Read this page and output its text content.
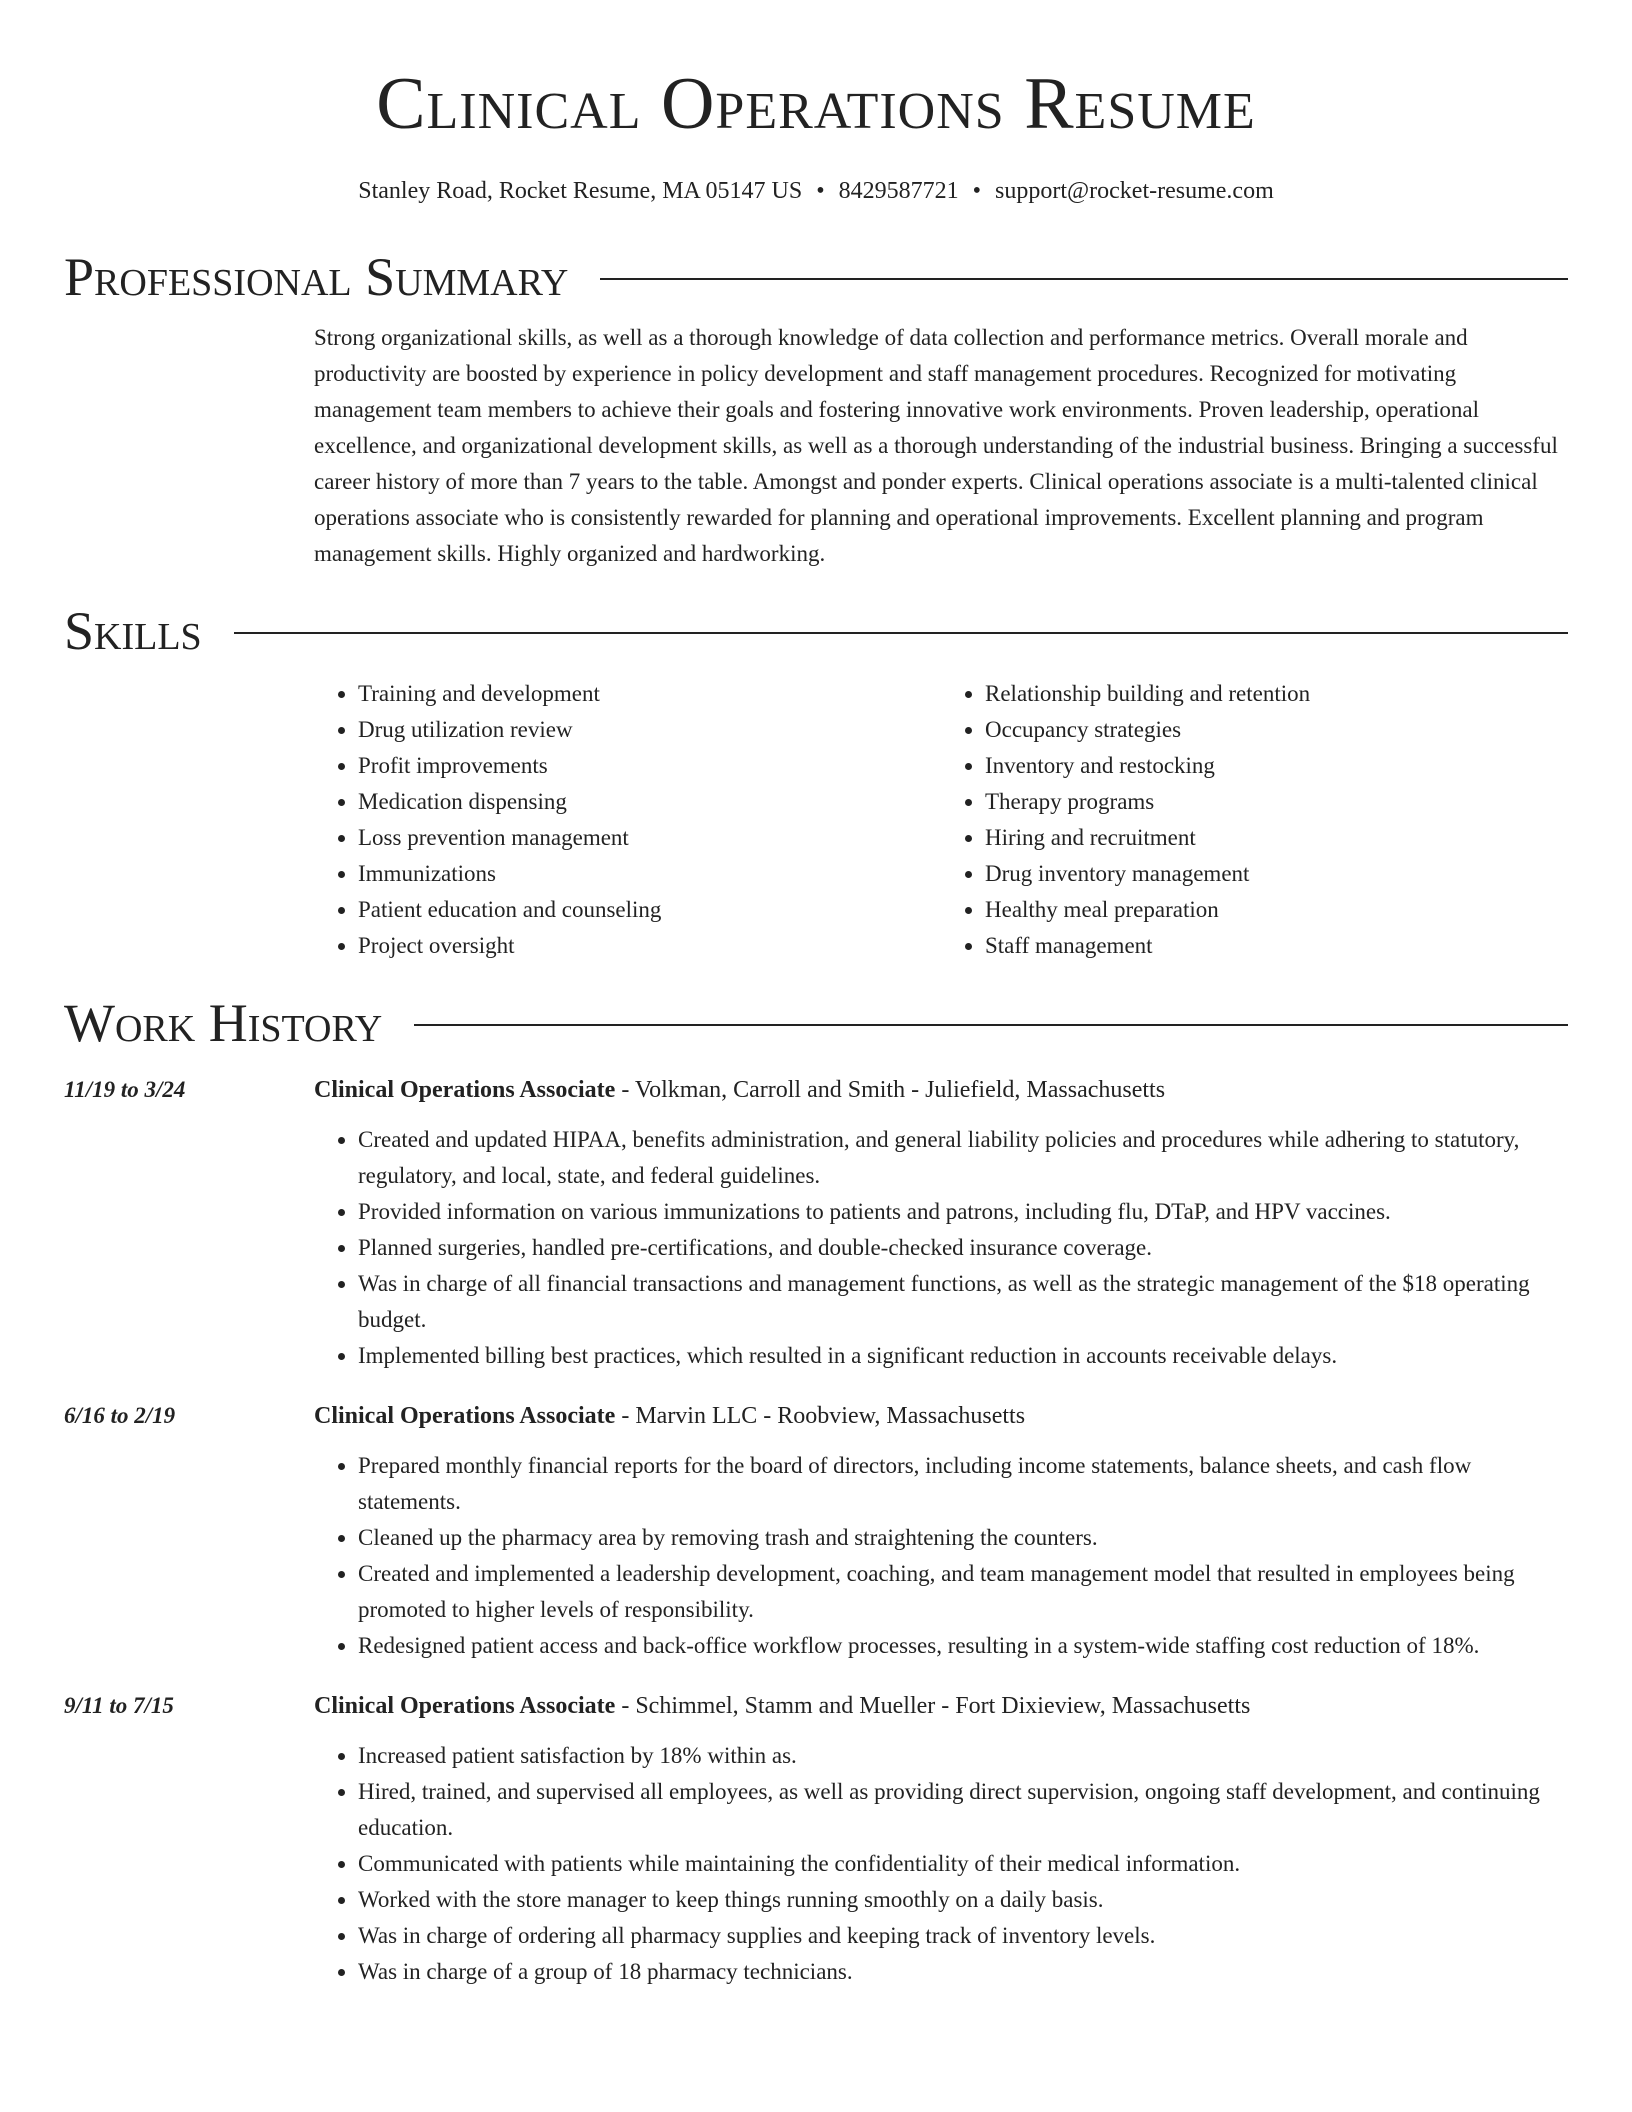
Clinical Operations Resume
Stanley Road, Rocket Resume, MA 05147 US • 8429587721 • support@rocket-resume.com
Professional Summary
Strong organizational skills, as well as a thorough knowledge of data collection and performance metrics. Overall morale and productivity are boosted by experience in policy development and staff management procedures. Recognized for motivating management team members to achieve their goals and fostering innovative work environments. Proven leadership, operational excellence, and organizational development skills, as well as a thorough understanding of the industrial business. Bringing a successful career history of more than 7 years to the table. Amongst and ponder experts. Clinical operations associate is a multi-talented clinical operations associate who is consistently rewarded for planning and operational improvements. Excellent planning and program management skills. Highly organized and hardworking.
Skills
• Training and development
• Drug utilization review
• Profit improvements
• Medication dispensing
• Loss prevention management
• Immunizations
• Patient education and counseling
• Project oversight
• Relationship building and retention
• Occupancy strategies
• Inventory and restocking
• Therapy programs
• Hiring and recruitment
• Drug inventory management
• Healthy meal preparation
• Staff management
Work History
11/19 to 3/24	Clinical Operations Associate - Volkman, Carroll and Smith - Juliefield, Massachusetts
• Created and updated HIPAA, benefits administration, and general liability policies and procedures while adhering to statutory, regulatory, and local, state, and federal guidelines.
• Provided information on various immunizations to patients and patrons, including flu, DTaP, and HPV vaccines.
• Planned surgeries, handled pre-certifications, and double-checked insurance coverage.
• Was in charge of all financial transactions and management functions, as well as the strategic management of the $18 operating budget.
• Implemented billing best practices, which resulted in a significant reduction in accounts receivable delays.
6/16 to 2/19	Clinical Operations Associate - Marvin LLC - Roobview, Massachusetts
• Prepared monthly financial reports for the board of directors, including income statements, balance sheets, and cash flow statements.
• Cleaned up the pharmacy area by removing trash and straightening the counters.
• Created and implemented a leadership development, coaching, and team management model that resulted in employees being promoted to higher levels of responsibility.
• Redesigned patient access and back-office workflow processes, resulting in a system-wide staffing cost reduction of 18%.
9/11 to 7/15	Clinical Operations Associate - Schimmel, Stamm and Mueller - Fort Dixieview, Massachusetts
• Increased patient satisfaction by 18% within as.
• Hired, trained, and supervised all employees, as well as providing direct supervision, ongoing staff development, and continuing education.
• Communicated with patients while maintaining the confidentiality of their medical information.
• Worked with the store manager to keep things running smoothly on a daily basis.
• Was in charge of ordering all pharmacy supplies and keeping track of inventory levels.
• Was in charge of a group of 18 pharmacy technicians.
